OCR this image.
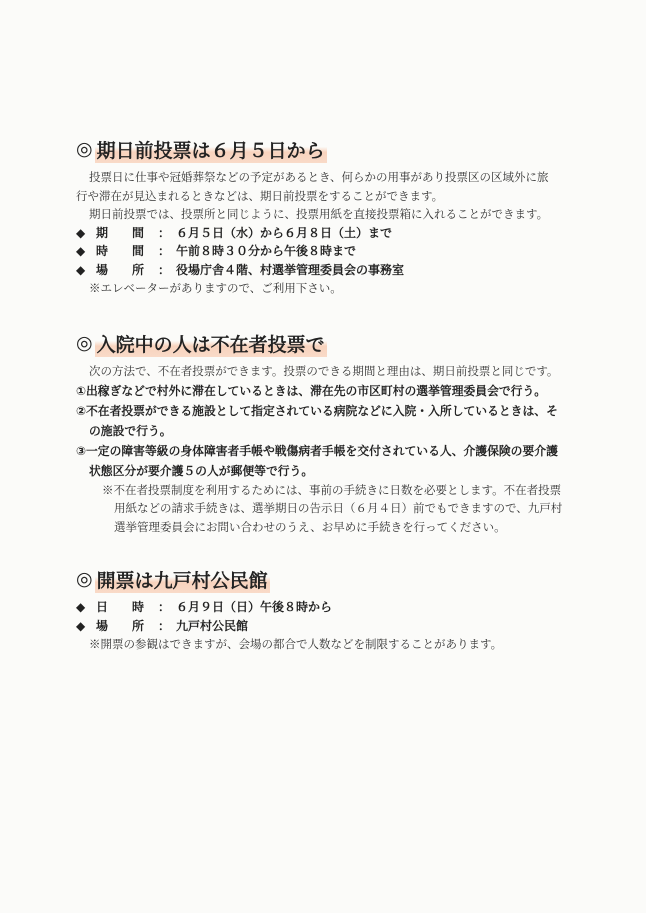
◎ 期日前投票は６月５日から
投票日に仕事や冠婚葬祭などの予定があるとき、何らかの用事があり投票区の区域外に旅
行や滞在が見込まれるときなどは、期日前投票をすることができます。
期日前投票では、投票所と同じように、投票用紙を直接投票箱に入れることができます。
◆ 期 間	： ６月５日（水）から６月８日（土）まで
◆ 時 間	： 午前８時３０分から午後８時まで
◆ 場 所	： 役場庁舎４階、村選挙管理委員会の事務室
※エレベーターがありますので、ご利用下さい。
◎ 入院中の人は不在者投票で
次の方法で、不在者投票ができます。投票のできる期間と理由は、期日前投票と同じです。
①出稼ぎなどで村外に滞在しているときは、滞在先の市区町村の選挙管理委員会で行う。
②不在者投票ができる施設として指定されている病院などに入院・入所しているときは、そ
の施設で行う。
③一定の障害等級の身体障害者手帳や戦傷病者手帳を交付されている人、介護保険の要介護
状態区分が要介護５の人が郵便等で行う。
※不在者投票制度を利用するためには、事前の手続きに日数を必要とします。不在者投票
用紙などの請求手続きは、選挙期日の告示日（６月４日）前でもできますので、九戸村
選挙管理委員会にお問い合わせのうえ、お早めに手続きを行ってください。
◎ 開票は九戸村公民館
◆ 日 時	： ６月９日（日）午後８時から
◆ 場 所	： 九戸村公民館
※開票の参観はできますが、会場の都合で人数などを制限することがあります。
